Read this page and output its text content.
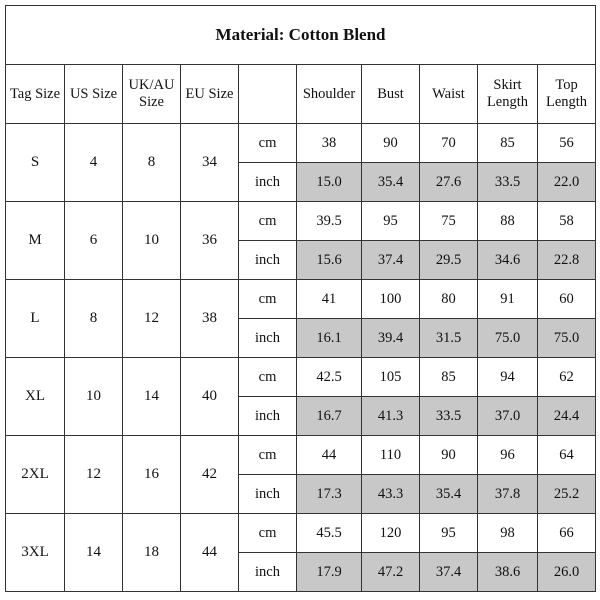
Material: Cotton Blend									
Tag Size	US Size	UK/AU Size	EU Size		Shoulder	Bust	Waist	Skirt Length	Top Length
S	4	8	34	cm	38	90	70	85	56
				inch	15.0	35.4	27.6	33.5	22.0
M	6	10	36	cm	39.5	95	75	88	58
				inch	15.6	37.4	29.5	34.6	22.8
L	8	12	38	cm	41	100	80	91	60
				inch	16.1	39.4	31.5	75.0	75.0
XL	10	14	40	cm	42.5	105	85	94	62
				inch	16.7	41.3	33.5	37.0	24.4
2XL	12	16	42	cm	44	110	90	96	64
				inch	17.3	43.3	35.4	37.8	25.2
3XL	14	18	44	cm	45.5	120	95	98	66
				inch	17.9	47.2	37.4	38.6	26.0
